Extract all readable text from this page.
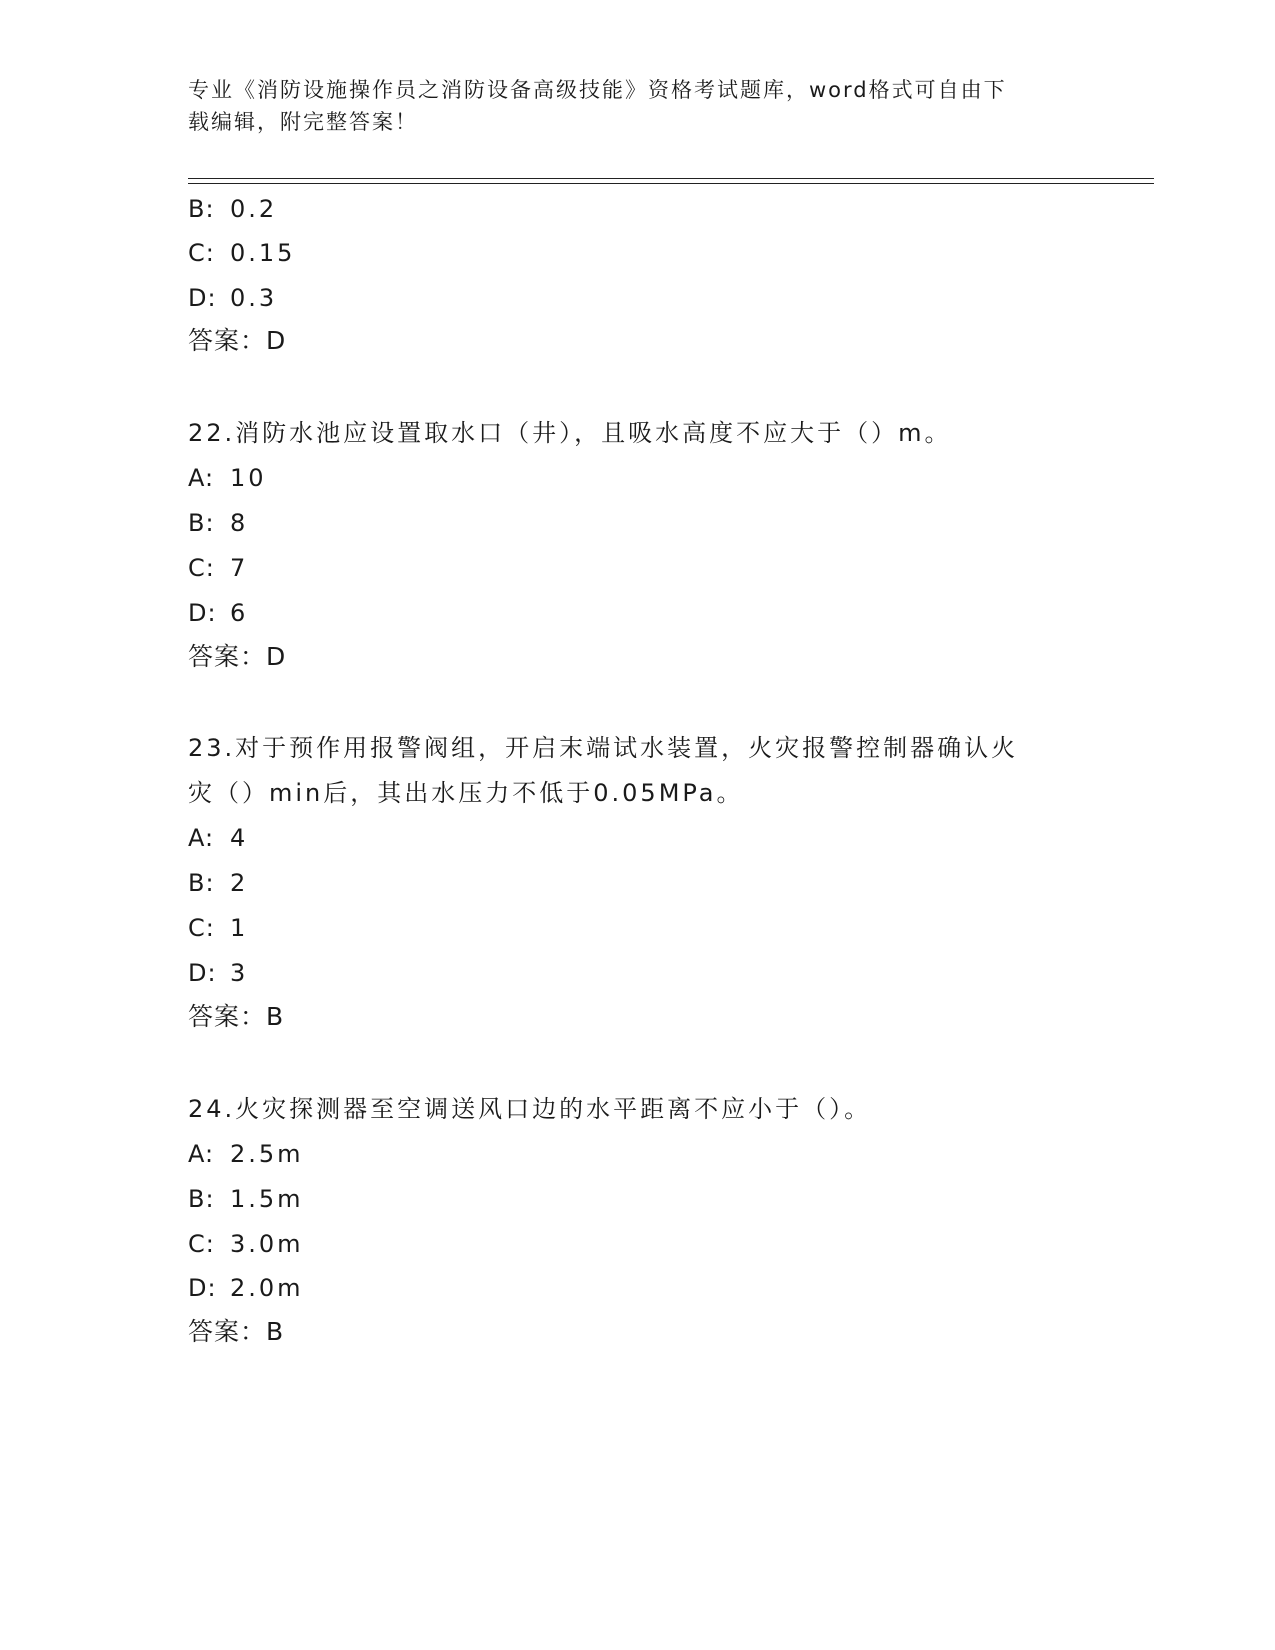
专业《消防设施操作员之消防设备高级技能》资格考试题库，word格式可自由下
载编辑，附完整答案！
B: 0.2
C: 0.15
D: 0.3
答案：D
22.消防水池应设置取水口（井），且吸水高度不应大于（）m。
A: 10
B: 8
C: 7
D: 6
答案：D
23.对于预作用报警阀组，开启末端试水装置，火灾报警控制器确认火
灾（）min后，其出水压力不低于0.05MPa。
A: 4
B: 2
C: 1
D: 3
答案：B
24.火灾探测器至空调送风口边的水平距离不应小于（）。
A: 2.5m
B: 1.5m
C: 3.0m
D: 2.0m
答案：B
